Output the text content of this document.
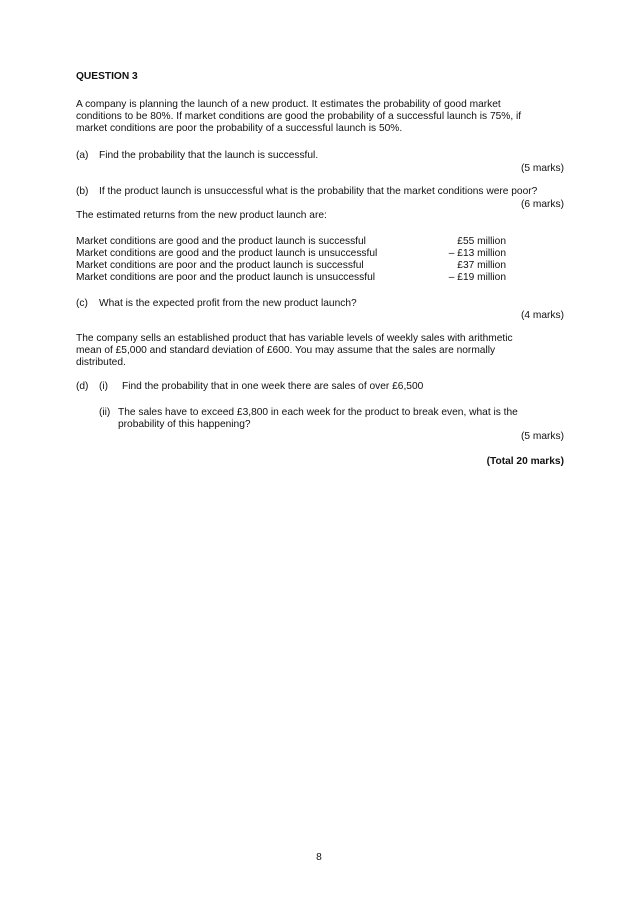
QUESTION 3
A company is planning the launch of a new product. It estimates the probability of good market
conditions to be 80%. If market conditions are good the probability of a successful launch is 75%, if
market conditions are poor the probability of a successful launch is 50%.
(a) Find the probability that the launch is successful.
(5 marks)
(b) If the product launch is unsuccessful what is the probability that the market conditions were poor?
(6 marks)
The estimated returns from the new product launch are:
Market conditions are good and the product launch is successful	£55 million
Market conditions are good and the product launch is unsuccessful	– £13 million
Market conditions are poor and the product launch is successful	£37 million
Market conditions are poor and the product launch is unsuccessful	– £19 million
(c) What is the expected profit from the new product launch?
(4 marks)
The company sells an established product that has variable levels of weekly sales with arithmetic
mean of £5,000 and standard deviation of £600. You may assume that the sales are normally
distributed.
(d) (i) Find the probability that in one week there are sales of over £6,500
(ii) The sales have to exceed £3,800 in each week for the product to break even, what is the
probability of this happening?
(5 marks)
(Total 20 marks)
8
